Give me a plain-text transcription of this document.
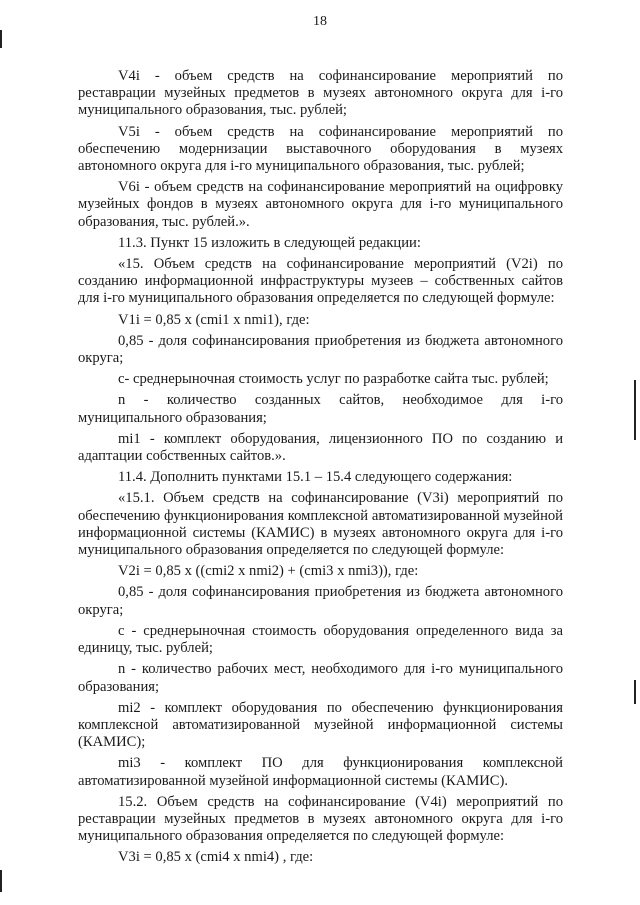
18

V4i - объем средств на софинансирование мероприятий по реставрации музейных предметов в музеях автономного округа для i-го муниципального образования, тыс. рублей;

V5i - объем средств на софинансирование мероприятий по обеспечению модернизации выставочного оборудования в музеях автономного округа для i-го муниципального образования, тыс. рублей;

V6i - объем средств на софинансирование мероприятий на оцифровку музейных фондов в музеях автономного округа для i-го муниципального образования, тыс. рублей.».

11.3. Пункт 15 изложить в следующей редакции:

«15. Объем средств на софинансирование мероприятий (V2i) по созданию информационной инфраструктуры музеев – собственных сайтов для i-го муниципального образования определяется по следующей формуле:

V1i = 0,85 x (cmi1 x nmi1), где:

0,85 - доля софинансирования приобретения из бюджета автономного округа;

c- среднерыночная стоимость услуг по разработке сайта тыс. рублей;

n - количество созданных сайтов, необходимое для i-го муниципального образования;

mi1 - комплект оборудования, лицензионного ПО по созданию и адаптации собственных сайтов.».

11.4. Дополнить пунктами 15.1 – 15.4 следующего содержания:

«15.1. Объем средств на софинансирование (V3i) мероприятий по обеспечению функционирования комплексной автоматизированной музейной информационной системы (КАМИС) в музеях автономного округа для i-го муниципального образования определяется по следующей формуле:

V2i = 0,85 x ((cmi2 x nmi2) + (cmi3 x nmi3)), где:

0,85 - доля софинансирования приобретения из бюджета автономного округа;

с - среднерыночная стоимость оборудования определенного вида за единицу, тыс. рублей;

n - количество рабочих мест, необходимого для i-го муниципального образования;

mi2 - комплект оборудования по обеспечению функционирования комплексной автоматизированной музейной информационной системы (КАМИС);

mi3 - комплект ПО для функционирования комплексной автоматизированной музейной информационной системы (КАМИС).

15.2. Объем средств на софинансирование (V4i) мероприятий по реставрации музейных предметов в музеях автономного округа для i-го муниципального образования определяется по следующей формуле:

V3i = 0,85 x (cmi4 x nmi4) , где:
